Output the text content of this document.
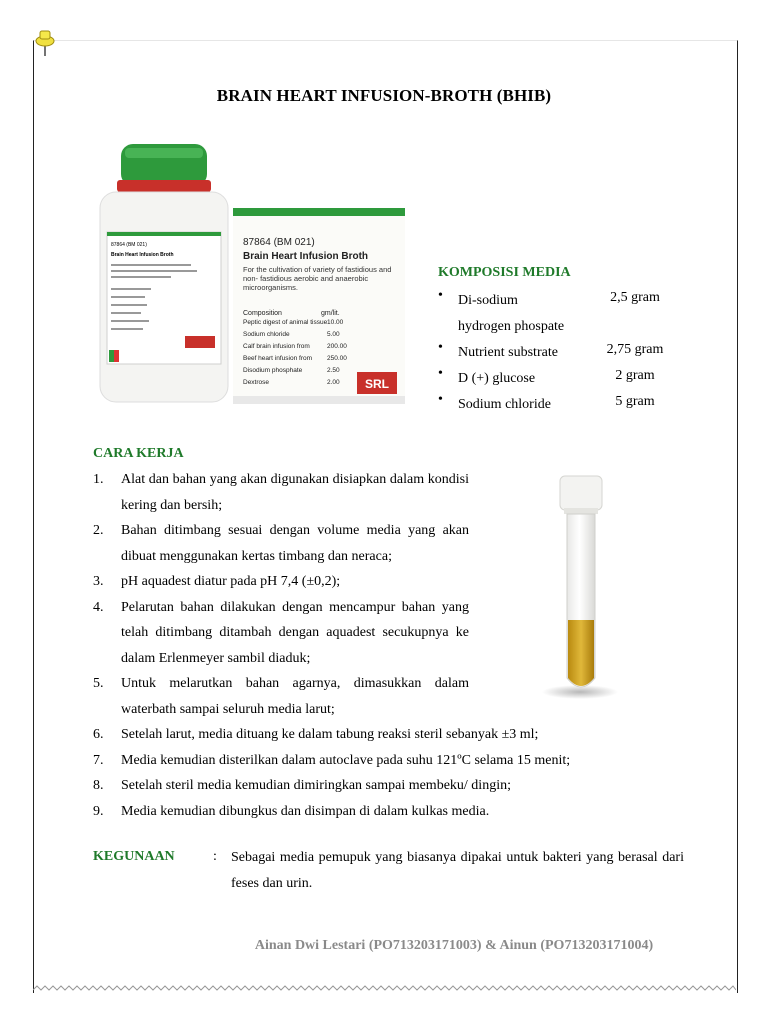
BRAIN HEART INFUSION-BROTH (BHIB)
87864 (BM 021)
Brain Heart Infusion Broth
87864 (BM 021)
Brain Heart Infusion Broth
For the cultivation of variety of fastidious and non- fastidious aerobic and anaerobic microorganisms.
Composition	gm/lit.
Peptic digest of animal tissue 10.00
Sodium chloride	5.00
Calf brain infusion from	200.00
Beef heart infusion from 250.00
Disodium phosphate	2.50
Dextrose	2.00 SRL
KOMPOSISI MEDIA
• Di-sodium	2,5 gram
hydrogen phospate
• Nutrient substrate	2,75 gram
• D (+) glucose	2 gram
• Sodium chloride	5 gram
CARA KERJA
1. Alat dan bahan yang akan digunakan disiapkan dalam kondisi kering dan bersih;
2. Bahan ditimbang sesuai dengan volume media yang akan dibuat menggunakan kertas timbang dan neraca;
3. pH aquadest diatur pada pH 7,4 (±0,2);
4. Pelarutan bahan dilakukan dengan mencampur bahan yang telah ditimbang ditambah dengan aquadest secukupnya ke dalam Erlenmeyer sambil diaduk;
5. Untuk melarutkan bahan agarnya, dimasukkan dalam waterbath sampai seluruh media larut;
6. Setelah larut, media dituang ke dalam tabung reaksi steril sebanyak ±3 ml;
7. Media kemudian disterilkan dalam autoclave pada suhu 121ºC selama 15 menit;
8. Setelah steril media kemudian dimiringkan sampai membeku/ dingin;
9. Media kemudian dibungkus dan disimpan di dalam kulkas media.
KEGUNAAN	: Sebagai media pemupuk yang biasanya dipakai untuk bakteri yang berasal dari feses dan urin.
Ainan Dwi Lestari (PO713203171003) & Ainun (PO713203171004)
